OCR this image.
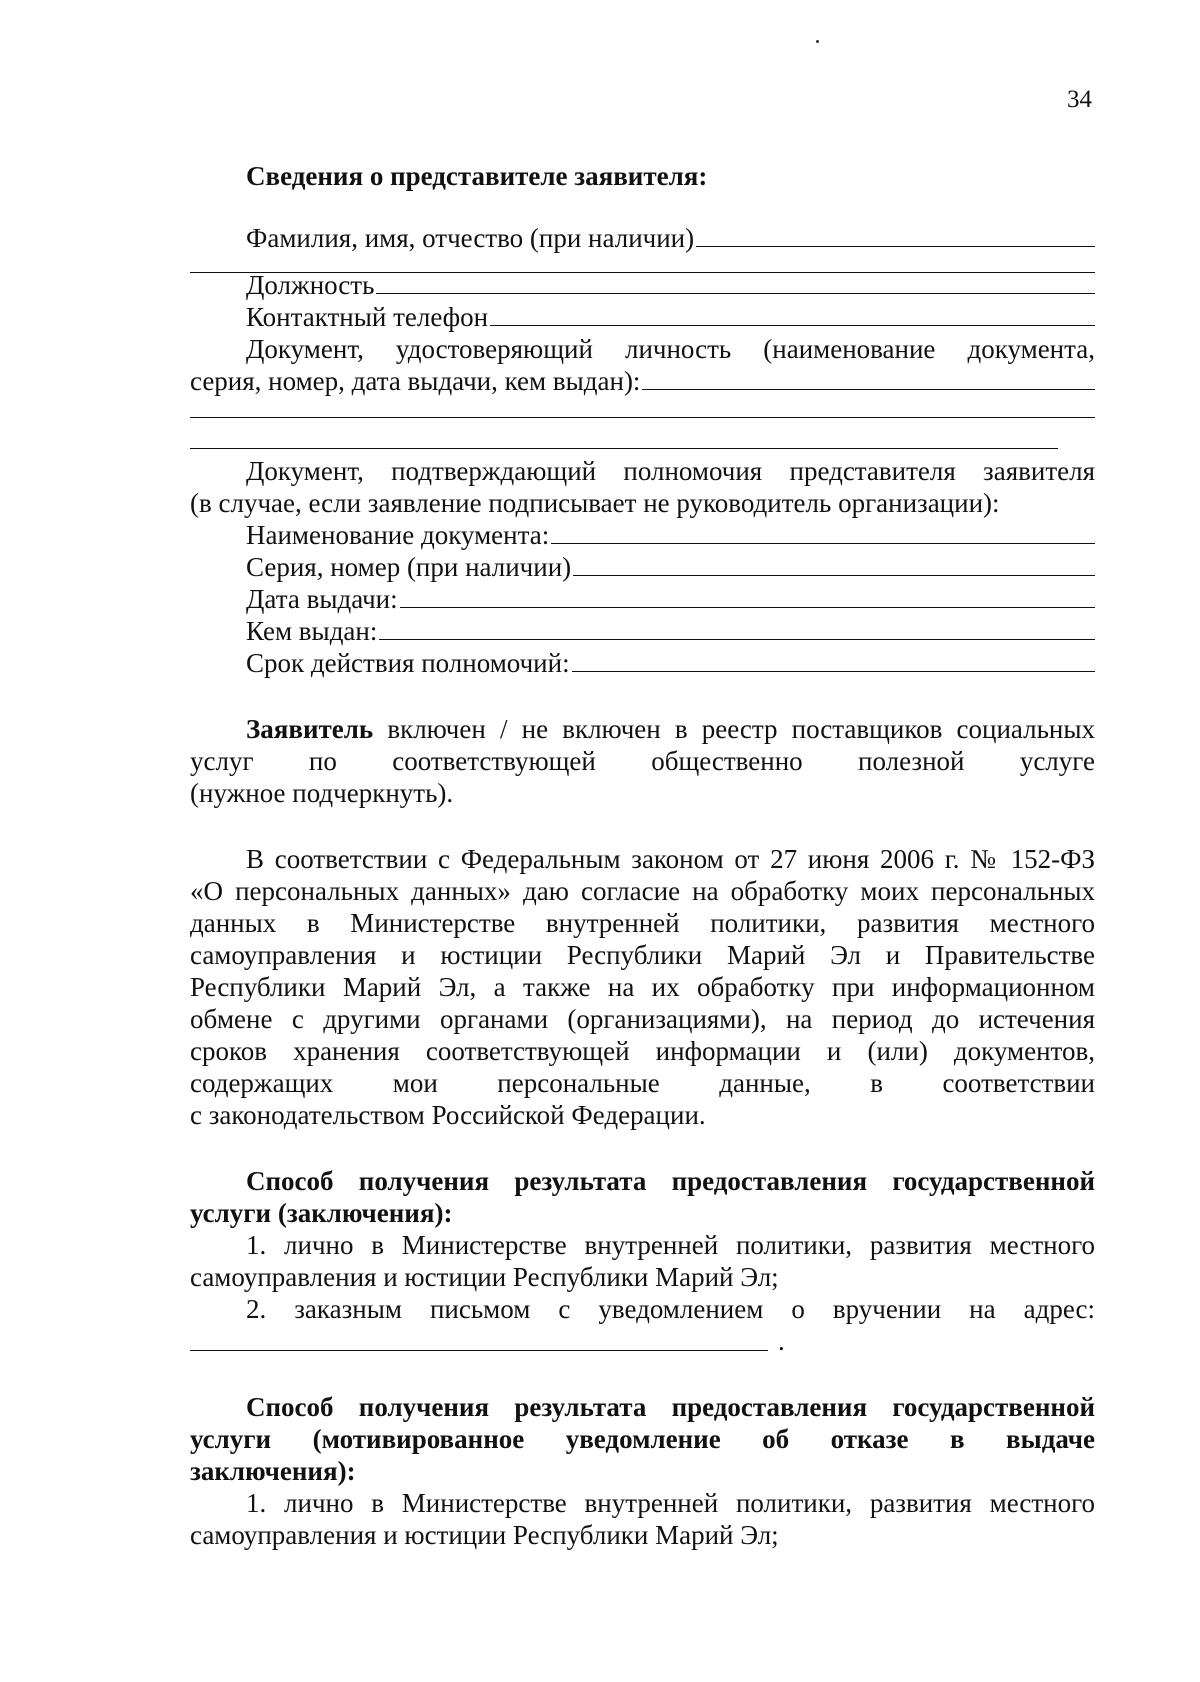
34
Сведения о представителе заявителя:
Фамилия, имя, отчество (при наличии)
Должность
Контактный телефон
Документ, удостоверяющий личность (наименование документа,
серия, номер, дата выдачи, кем выдан):
Документ, подтверждающий полномочия представителя заявителя
(в случае, если заявление подписывает не руководитель организации):
Наименование документа:
Серия, номер (при наличии)
Дата выдачи:
Кем выдан:
Срок действия полномочий:
Заявитель включен / не включен в реестр поставщиков социальных
услуг по соответствующей общественно полезной услуге
(нужное подчеркнуть).
В соответствии с Федеральным законом от 27 июня 2006 г. № 152-ФЗ
«О персональных данных» даю согласие на обработку моих персональных
данных в Министерстве внутренней политики, развития местного
самоуправления и юстиции Республики Марий Эл и Правительстве
Республики Марий Эл, а также на их обработку при информационном
обмене с другими органами (организациями), на период до истечения
сроков хранения соответствующей информации и (или) документов,
содержащих мои персональные данные, в соответствии
с законодательством Российской Федерации.
Способ получения результата предоставления государственной
услуги (заключения):
1. лично в Министерстве внутренней политики, развития местного
самоуправления и юстиции Республики Марий Эл;
2. заказным письмом с уведомлением о вручении на адрес:
.
Способ получения результата предоставления государственной
услуги (мотивированное уведомление об отказе в выдаче
заключения):
1. лично в Министерстве внутренней политики, развития местного
самоуправления и юстиции Республики Марий Эл;
